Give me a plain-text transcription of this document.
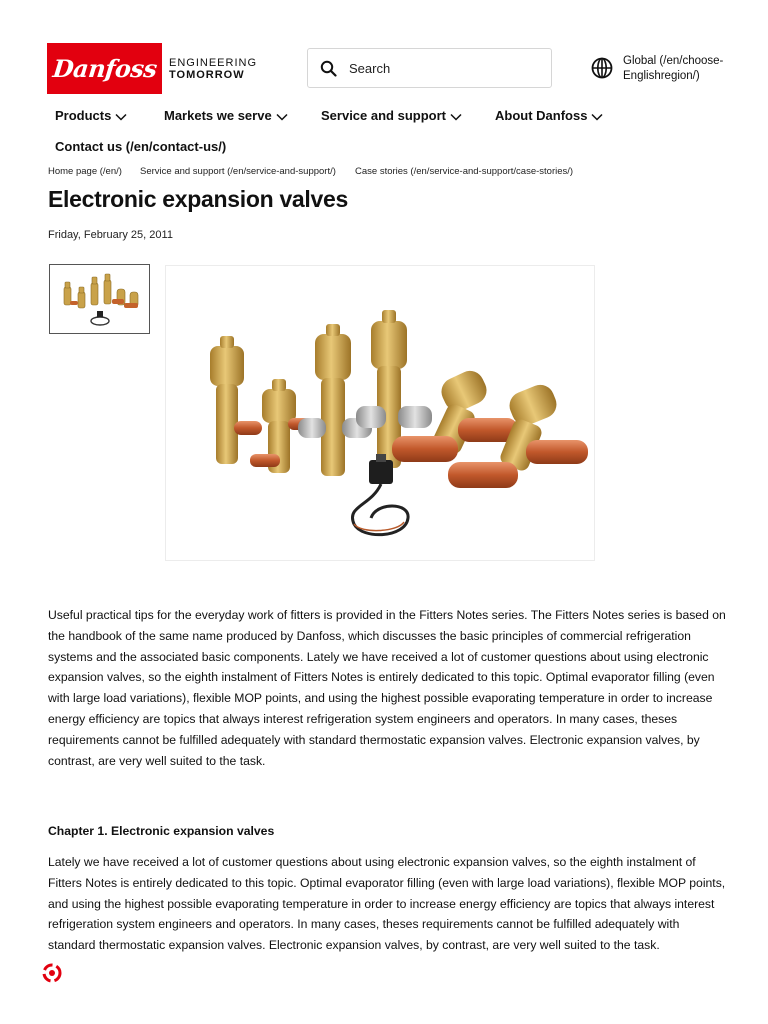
Danfoss ENGINEERING
TOMORROW
Search
Global (/en/choose-Englishregion/)
Products	Markets we serve	Service and support	About Danfoss
Contact us (/en/contact-us/)
Home page (/en/) Service and support (/en/service-and-support/) Case stories (/en/service-and-support/case-stories/)
Electronic expansion valves
Friday, February 25, 2011

Useful practical tips for the everyday work of fitters is provided in the Fitters Notes series. The Fitters Notes series is based on the handbook of the same name produced by Danfoss, which discusses the basic principles of commercial refrigeration systems and the associated basic components. Lately we have received a lot of customer questions about using electronic expansion valves, so the eighth instalment of Fitters Notes is entirely dedicated to this topic. Optimal evaporator filling (even with large load variations), flexible MOP points, and using the highest possible evaporating temperature in order to increase energy efficiency are topics that always interest refrigeration system engineers and operators. In many cases, theses requirements cannot be fulfilled adequately with standard thermostatic expansion valves. Electronic expansion valves, by contrast, are very well suited to the task.

Chapter 1. Electronic expansion valves

Lately we have received a lot of customer questions about using electronic expansion valves, so the eighth instalment of Fitters Notes is entirely dedicated to this topic. Optimal evaporator filling (even with large load variations), flexible MOP points, and using the highest possible evaporating temperature in order to increase energy efficiency are topics that always interest refrigeration system engineers and operators. In many cases, theses requirements cannot be fulfilled adequately with standard thermostatic expansion valves. Electronic expansion valves, by contrast, are very well suited to the task.
